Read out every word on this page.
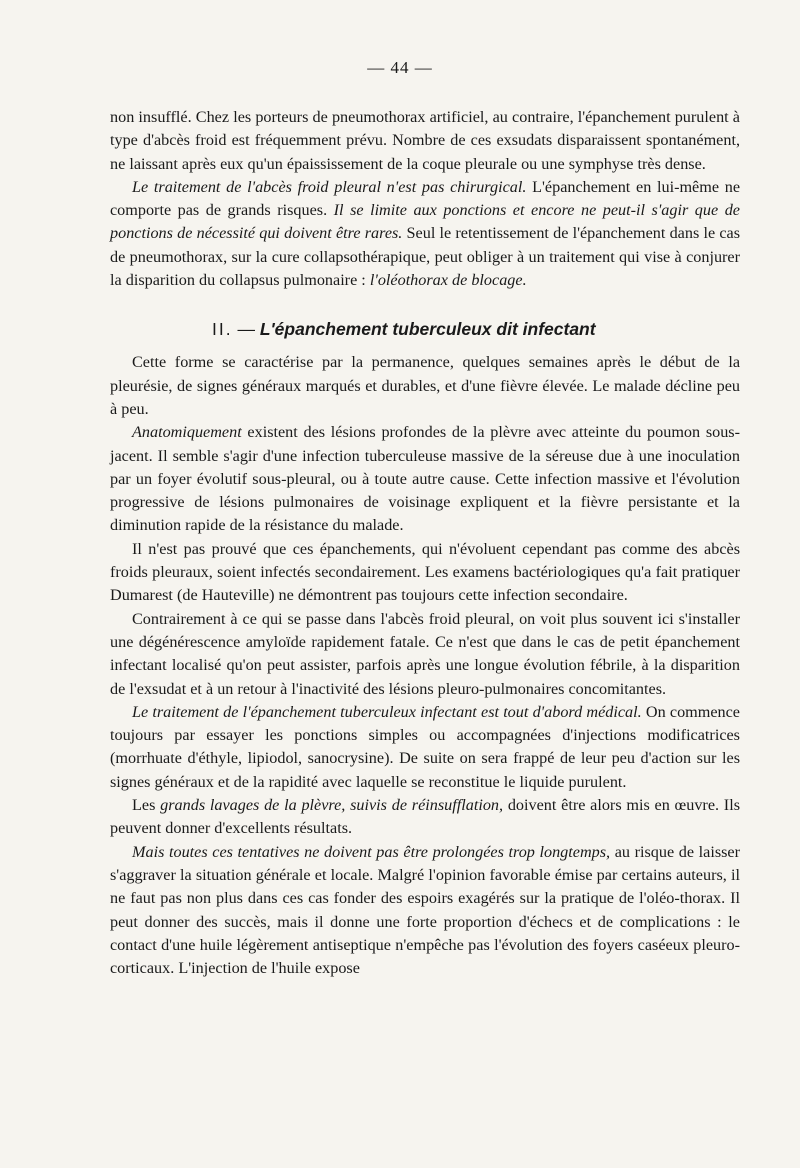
— 44 —

non insufflé. Chez les porteurs de pneumothorax artificiel, au contraire, l'épanchement purulent à type d'abcès froid est fréquemment prévu. Nombre de ces exsudats disparaissent spontanément, ne laissant après eux qu'un épaississement de la coque pleurale ou une symphyse très dense.

Le traitement de l'abcès froid pleural n'est pas chirurgical. L'épanchement en lui-même ne comporte pas de grands risques. Il se limite aux ponctions et encore ne peut-il s'agir que de ponctions de nécessité qui doivent être rares. Seul le retentissement de l'épanchement dans le cas de pneumothorax, sur la cure collapsothérapique, peut obliger à un traitement qui vise à conjurer la disparition du collapsus pulmonaire : l'oléothorax de blocage.

II. — L'épanchement tuberculeux dit infectant

Cette forme se caractérise par la permanence, quelques semaines après le début de la pleurésie, de signes généraux marqués et durables, et d'une fièvre élevée. Le malade décline peu à peu.

Anatomiquement existent des lésions profondes de la plèvre avec atteinte du poumon sous-jacent. Il semble s'agir d'une infection tuberculeuse massive de la séreuse due à une inoculation par un foyer évolutif sous-pleural, ou à toute autre cause. Cette infection massive et l'évolution progressive de lésions pulmonaires de voisinage expliquent et la fièvre persistante et la diminution rapide de la résistance du malade.

Il n'est pas prouvé que ces épanchements, qui n'évoluent cependant pas comme des abcès froids pleuraux, soient infectés secondairement. Les examens bactériologiques qu'a fait pratiquer Dumarest (de Hauteville) ne démontrent pas toujours cette infection secondaire.

Contrairement à ce qui se passe dans l'abcès froid pleural, on voit plus souvent ici s'installer une dégénérescence amyloïde rapidement fatale. Ce n'est que dans le cas de petit épanchement infectant localisé qu'on peut assister, parfois après une longue évolution fébrile, à la disparition de l'exsudat et à un retour à l'inactivité des lésions pleuro-pulmonaires concomitantes.

Le traitement de l'épanchement tuberculeux infectant est tout d'abord médical. On commence toujours par essayer les ponctions simples ou accompagnées d'injections modificatrices (morrhuate d'éthyle, lipiodol, sanocrysine). De suite on sera frappé de leur peu d'action sur les signes généraux et de la rapidité avec laquelle se reconstitue le liquide purulent.

Les grands lavages de la plèvre, suivis de réinsufflation, doivent être alors mis en œuvre. Ils peuvent donner d'excellents résultats.

Mais toutes ces tentatives ne doivent pas être prolongées trop longtemps, au risque de laisser s'aggraver la situation générale et locale. Malgré l'opinion favorable émise par certains auteurs, il ne faut pas non plus dans ces cas fonder des espoirs exagérés sur la pratique de l'oléo-thorax. Il peut donner des succès, mais il donne une forte proportion d'échecs et de complications : le contact d'une huile légèrement antiseptique n'empêche pas l'évolution des foyers caséeux pleuro-corticaux. L'injection de l'huile expose
